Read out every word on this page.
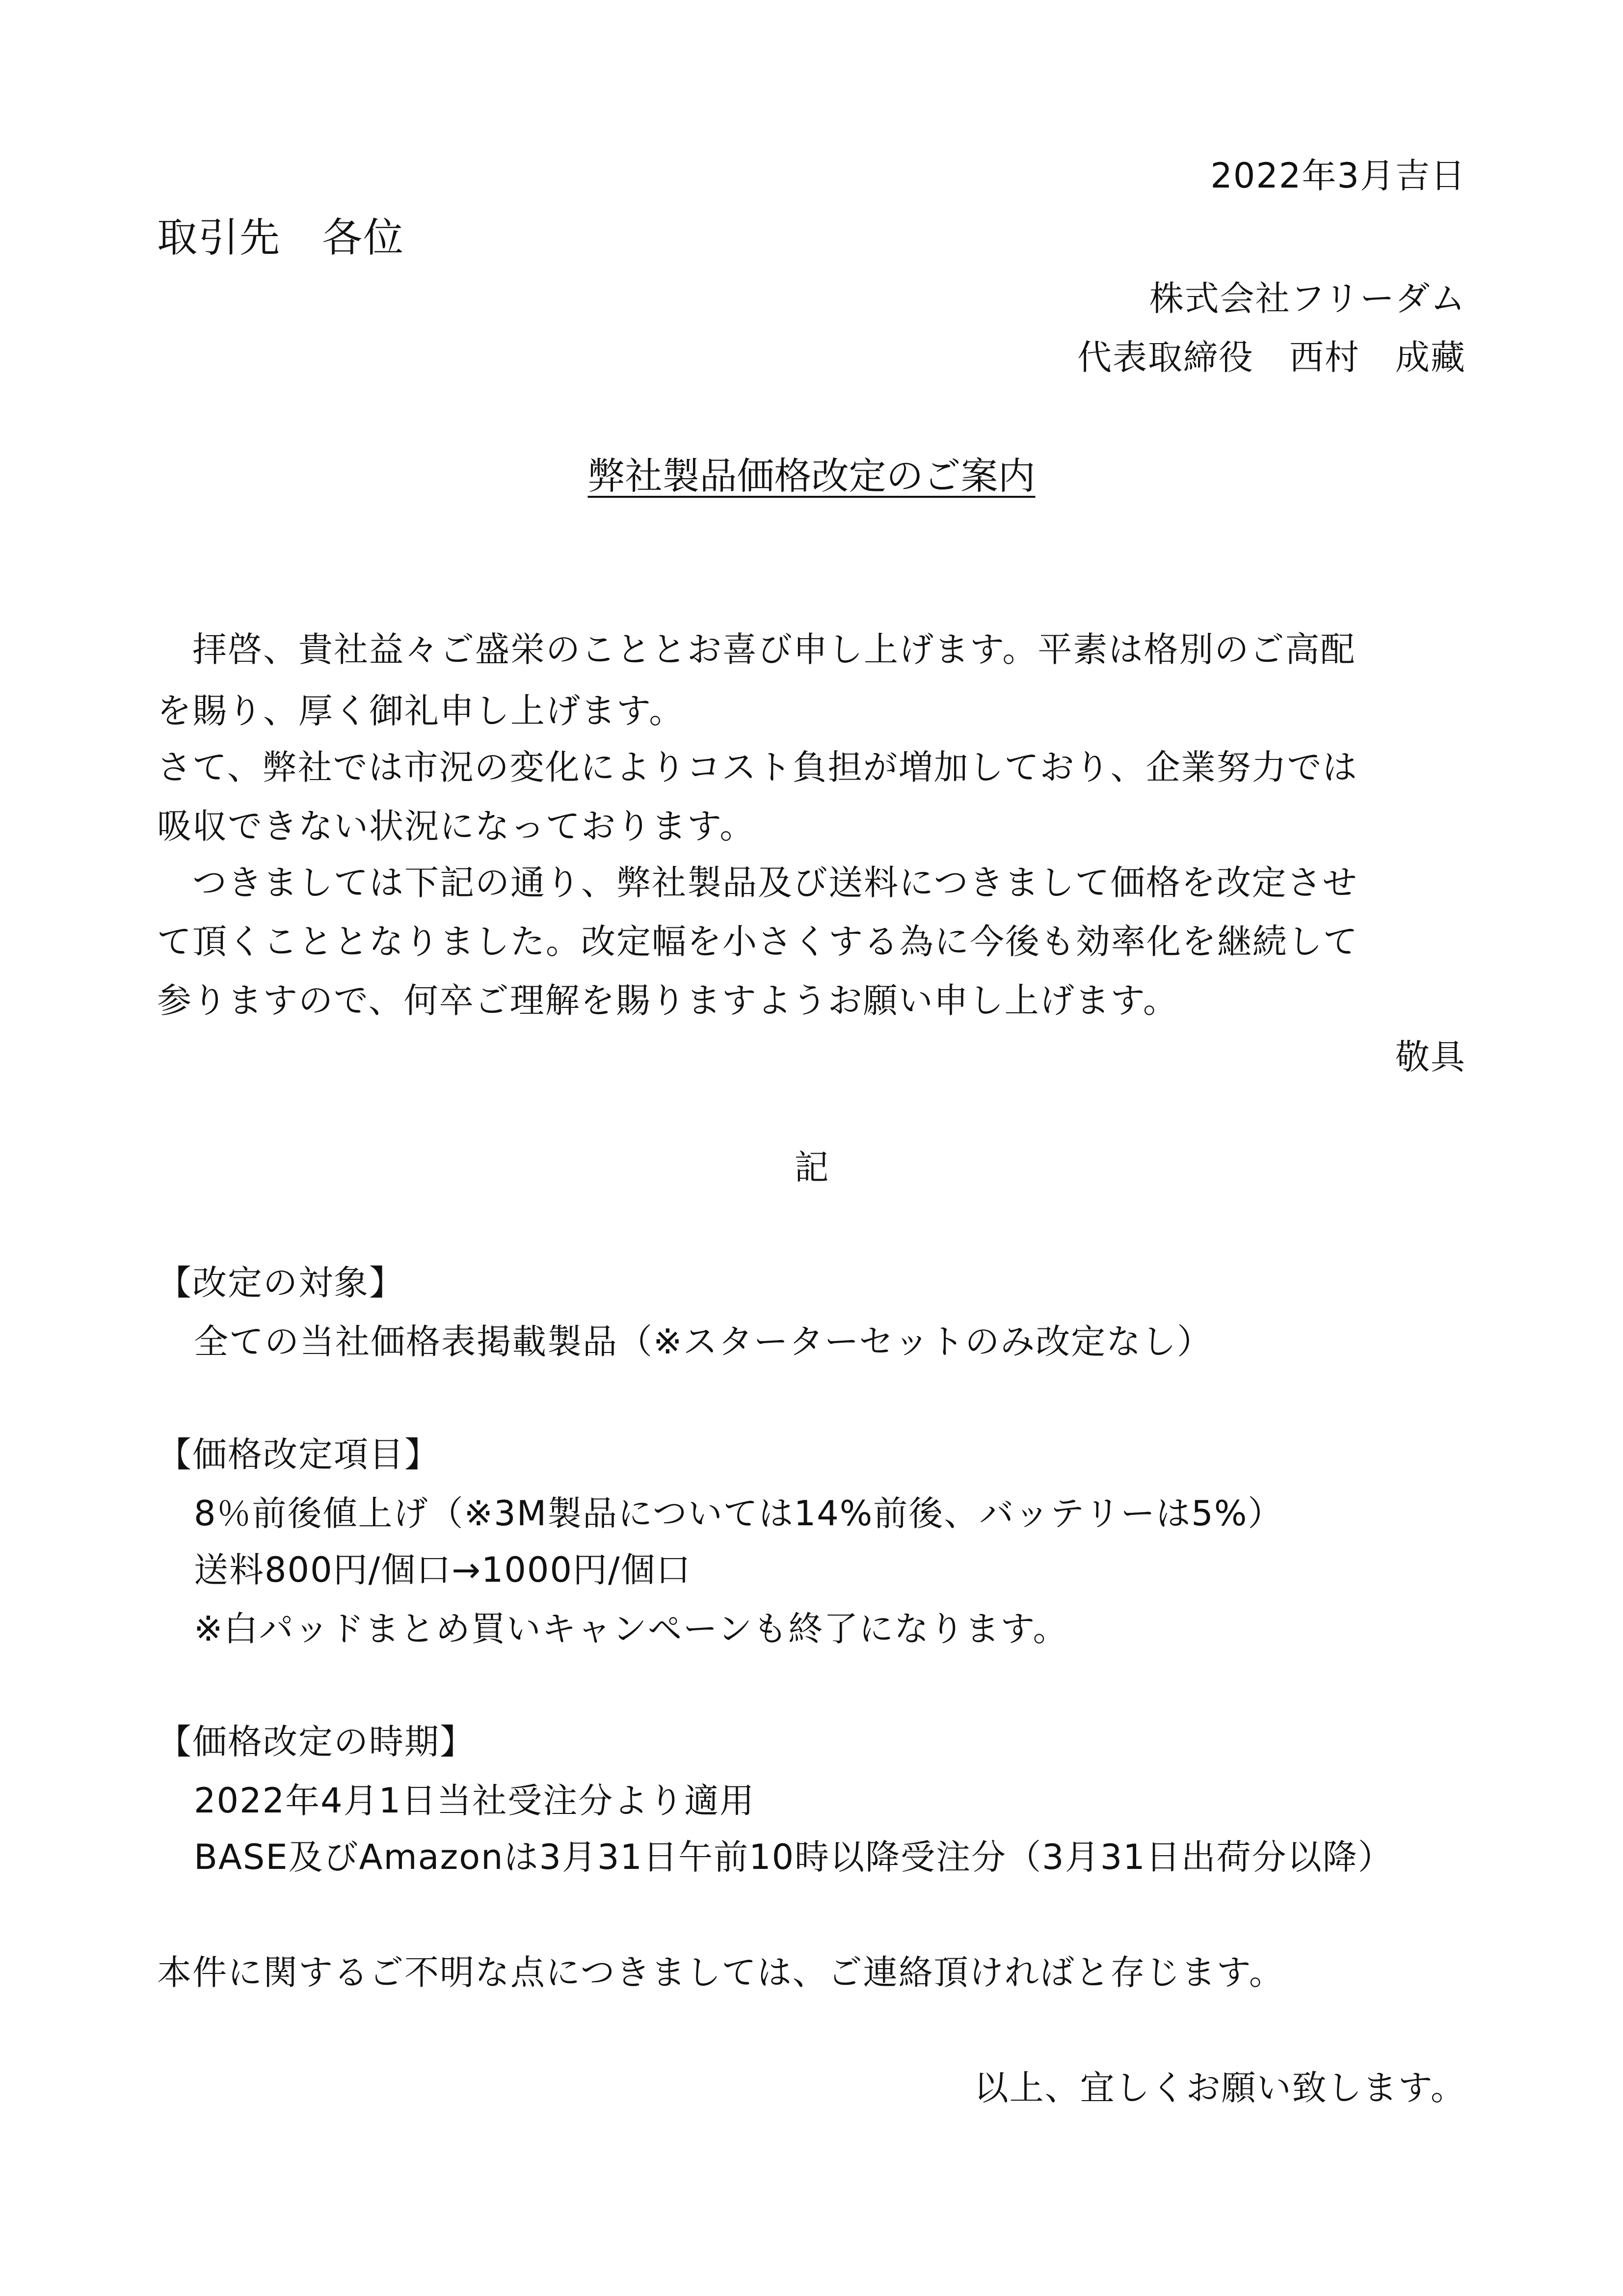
2022年3月吉日
取引先　各位
株式会社フリーダム
代表取締役　西村　成藏
弊社製品価格改定のご案内
　拝啓、貴社益々ご盛栄のこととお喜び申し上げます。平素は格別のご高配
を賜り、厚く御礼申し上げます。
さて、弊社では市況の変化によりコスト負担が増加しており、企業努力では
吸収できない状況になっております。
　つきましては下記の通り、弊社製品及び送料につきまして価格を改定させ
て頂くこととなりました。改定幅を小さくする為に今後も効率化を継続して
参りますので、何卒ご理解を賜りますようお願い申し上げます。
敬具
記
【改定の対象】
全ての当社価格表掲載製品（※スターターセットのみ改定なし）
【価格改定項目】
8％前後値上げ（※3M製品については14%前後、バッテリーは5%）
送料800円/個口→1000円/個口
※白パッドまとめ買いキャンペーンも終了になります。
【価格改定の時期】
2022年4月1日当社受注分より適用
BASE及びAmazonは3月31日午前10時以降受注分（3月31日出荷分以降）
本件に関するご不明な点につきましては、ご連絡頂ければと存じます。
以上、宜しくお願い致します。
